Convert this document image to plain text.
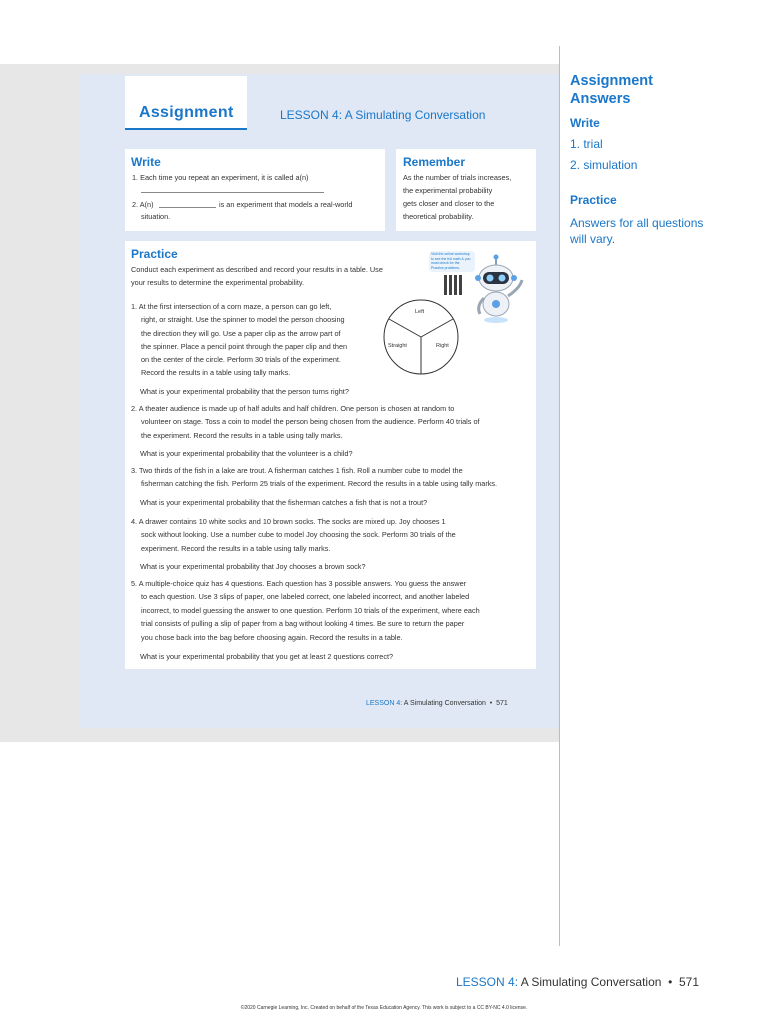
Assignment	LESSON 4: A Simulating Conversation
Write
1. Each time you repeat an experiment, it is called a(n)
2. A(n)	is an experiment that models a real-world
situation.
Remember
As the number of trials increases,
the experimental probability
gets closer and closer to the
theoretical probability.
Practice
Conduct each experiment as described and record your results in a table. Use
your results to determine the experimental probability.
Visit the online workshop to see the full math & you must check for the Practice problems.
Left
Straight	Right
1. At the first intersection of a corn maze, a person can go left,
right, or straight. Use the spinner to model the person choosing
the direction they will go. Use a paper clip as the arrow part of
the spinner. Place a pencil point through the paper clip and then
on the center of the circle. Perform 30 trials of the experiment.
Record the results in a table using tally marks.
What is your experimental probability that the person turns right?
2. A theater audience is made up of half adults and half children. One person is chosen at random to
volunteer on stage. Toss a coin to model the person being chosen from the audience. Perform 40 trials of
the experiment. Record the results in a table using tally marks.
What is your experimental probability that the volunteer is a child?
3. Two thirds of the fish in a lake are trout. A fisherman catches 1 fish. Roll a number cube to model the
fisherman catching the fish. Perform 25 trials of the experiment. Record the results in a table using tally marks.
What is your experimental probability that the fisherman catches a fish that is not a trout?
4. A drawer contains 10 white socks and 10 brown socks. The socks are mixed up. Joy chooses 1
sock without looking. Use a number cube to model Joy choosing the sock. Perform 30 trials of the
experiment. Record the results in a table using tally marks.
What is your experimental probability that Joy chooses a brown sock?
5. A multiple-choice quiz has 4 questions. Each question has 3 possible answers. You guess the answer
to each question. Use 3 slips of paper, one labeled correct, one labeled incorrect, and another labeled
incorrect, to model guessing the answer to one question. Perform 10 trials of the experiment, where each
trial consists of pulling a slip of paper from a bag without looking 4 times. Be sure to return the paper
you chose back into the bag before choosing again. Record the results in a table.
What is your experimental probability that you get at least 2 questions correct?
LESSON 4: A Simulating Conversation • 571
Assignment
Answers
Write
1. trial
2. simulation
Practice
Answers for all questions
will vary.
LESSON 4: A Simulating Conversation • 571
©2020 Carnegie Learning, Inc. Created on behalf of the Texas Education Agency. This work is subject to a CC BY-NC 4.0 license.
